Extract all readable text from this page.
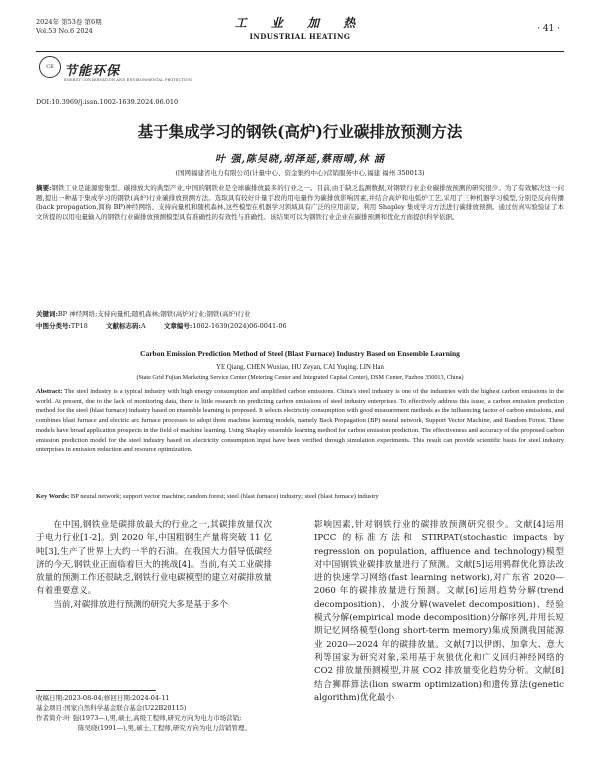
2024年 第53卷 第6期
Vol.53 No.6 2024
工 业 加 热
INDUSTRIAL HEATING
· 41 ·
CE 节能环保
ENERGY CONSERVATION AND ENVIRONMENTAL PROTECTION
DOI:10.3969/j.issn.1002-1639.2024.06.010
基于集成学习的钢铁(高炉)行业碳排放预测方法
叶 强,陈吴晓,胡泽延,蔡雨晴,林 涵
(国网福建省电力有限公司(计量中心、资金集约中心)营销服务中心,福建 福州 350013)
摘要:钢铁工业是能源密集型、碳排放大的典型产业,中国的钢铁业是全球碳排放最多的行业之一。目前,由于缺乏监测数据,对钢铁行业企业碳排放预测的研究很少。为了有效解决这一问题,提出一种基于集成学习的钢铁(高炉)行业碳排放预测方法。选取具有较好计量手段的用电量作为碳排放影响因素,并结合高炉和电弧炉工艺,采用了三种机器学习模型,分别是反向传播(back propagation,简称 BP)神经网络、支持向量机和随机森林,这些模型在机器学习领域具有广泛的应用前景。利用 Shapley 集成学习方法进行碳排放预测。通过仿真实验验证了本文所提的以用电量输入的钢铁行业碳排放预测模型具有准确性的有效性与准确性。该结果可以为钢铁行业企业在碳排预测和优化方面提供科学依据。
关键词:BP 神经网络;支持向量机;随机森林;钢铁(高炉)行业;钢铁(高炉)行业
中图分类号:TP18	文献标志码:A	文章编号:1002-1639(2024)06-0041-06
Carbon Emission Prediction Method of Steel (Blast Furnace) Industry Based on Ensemble Learning
YE Qiang, CHEN Wuxiao, HU Zeyan, CAI Yuqing, LIN Han
(State Grid Fujian Marketing Service Center (Metering Center and Integrated Capital Center), DSM Center, Fuzhou 350013, China)
Abstract: The steel industry is a typical industry with high energy consumption and amplified carbon emissions. China's steel industry is one of the industries with the highest carbon emissions in the world. At present, due to the lack of monitoring data, there is little research on predicting carbon emissions of steel industry enterprises. To effectively address this issue, a carbon emission prediction method for the steel (blast furnace) industry based on ensemble learning is proposed. It selects electricity consumption with good measurement methods as the influencing factor of carbon emissions, and combines blast furnace and electric arc furnace processes to adopt three machine learning models, namely Back Propagation (BP) neural network, Support Vector Machine, and Random Forest. These models have broad application prospects in the field of machine learning. Using Shapley ensemble learning method for carbon emission prediction. The effectiveness and accuracy of the proposed carbon emission prediction model for the steel industry based on electricity consumption input have been verified through simulation experiments. This result can provide scientific basis for steel industry enterprises in emission reduction and resource optimization.
Key Words: BP neural network; support vector machine; random forest; steel (blast furnace) industry; steel (blast furnace) industry

在中国,钢铁业是碳排放最大的行业之一,其碳排放量仅次于电力行业[1-2]。到 2020 年,中国粗钢生产量将突破 11 亿吨[3],生产了世界上大约一半的石油。在我国大力倡导低碳经济的今天,钢铁业正面临着巨大的挑战[4]。当前,有关工业碳排放量的预测工作还很缺乏,钢铁行业电碳模型的建立对碳排放量有着重要意义。

当前,对碳排放进行预测的研究大多是基于多个

影响因素,针对钢铁行业的碳排放预测研究很少。文献[4]运用 IPCC 的标准方法和 STIRPAT(stochastic impacts by regression on population, affluence and technology)模型对中国钢铁业碳排放量进行了预测。文献[5]运用鸦群优化算法改进的快速学习网络(fast learning network),对广东省 2020—2060 年的碳排放量进行预测。文献[6]运用趋势分解(trend decomposition)、小波分解(wavelet decomposition)、经验模式分解(empirical mode decomposition)分解序列,并用长短期记忆网络模型(long short-term memory)集成预测我国能源业 2020—2024 年的碳排放量。文献[7]以伊朗、加拿大、意大利等国家为研究对象,采用基于灰狼优化和广义回归神经网络的 CO2 排放量预测模型,并展 CO2 排放量变化趋势分析。文献[8]结合狮群算法(lion swarm optimization)和遗传算法(genetic algorithm)优化最小

收稿日期:2023-08-04;修回日期:2024-04-11
基金项目:国家自然科学基金联合基金(U22B20115)
作者简介:叶 强(1973—),男,硕士,高级工程师,研究方向为电力市场营销;
陈吴晓(1991—),男,硕士,工程师,研究方向为电力营销管理。
